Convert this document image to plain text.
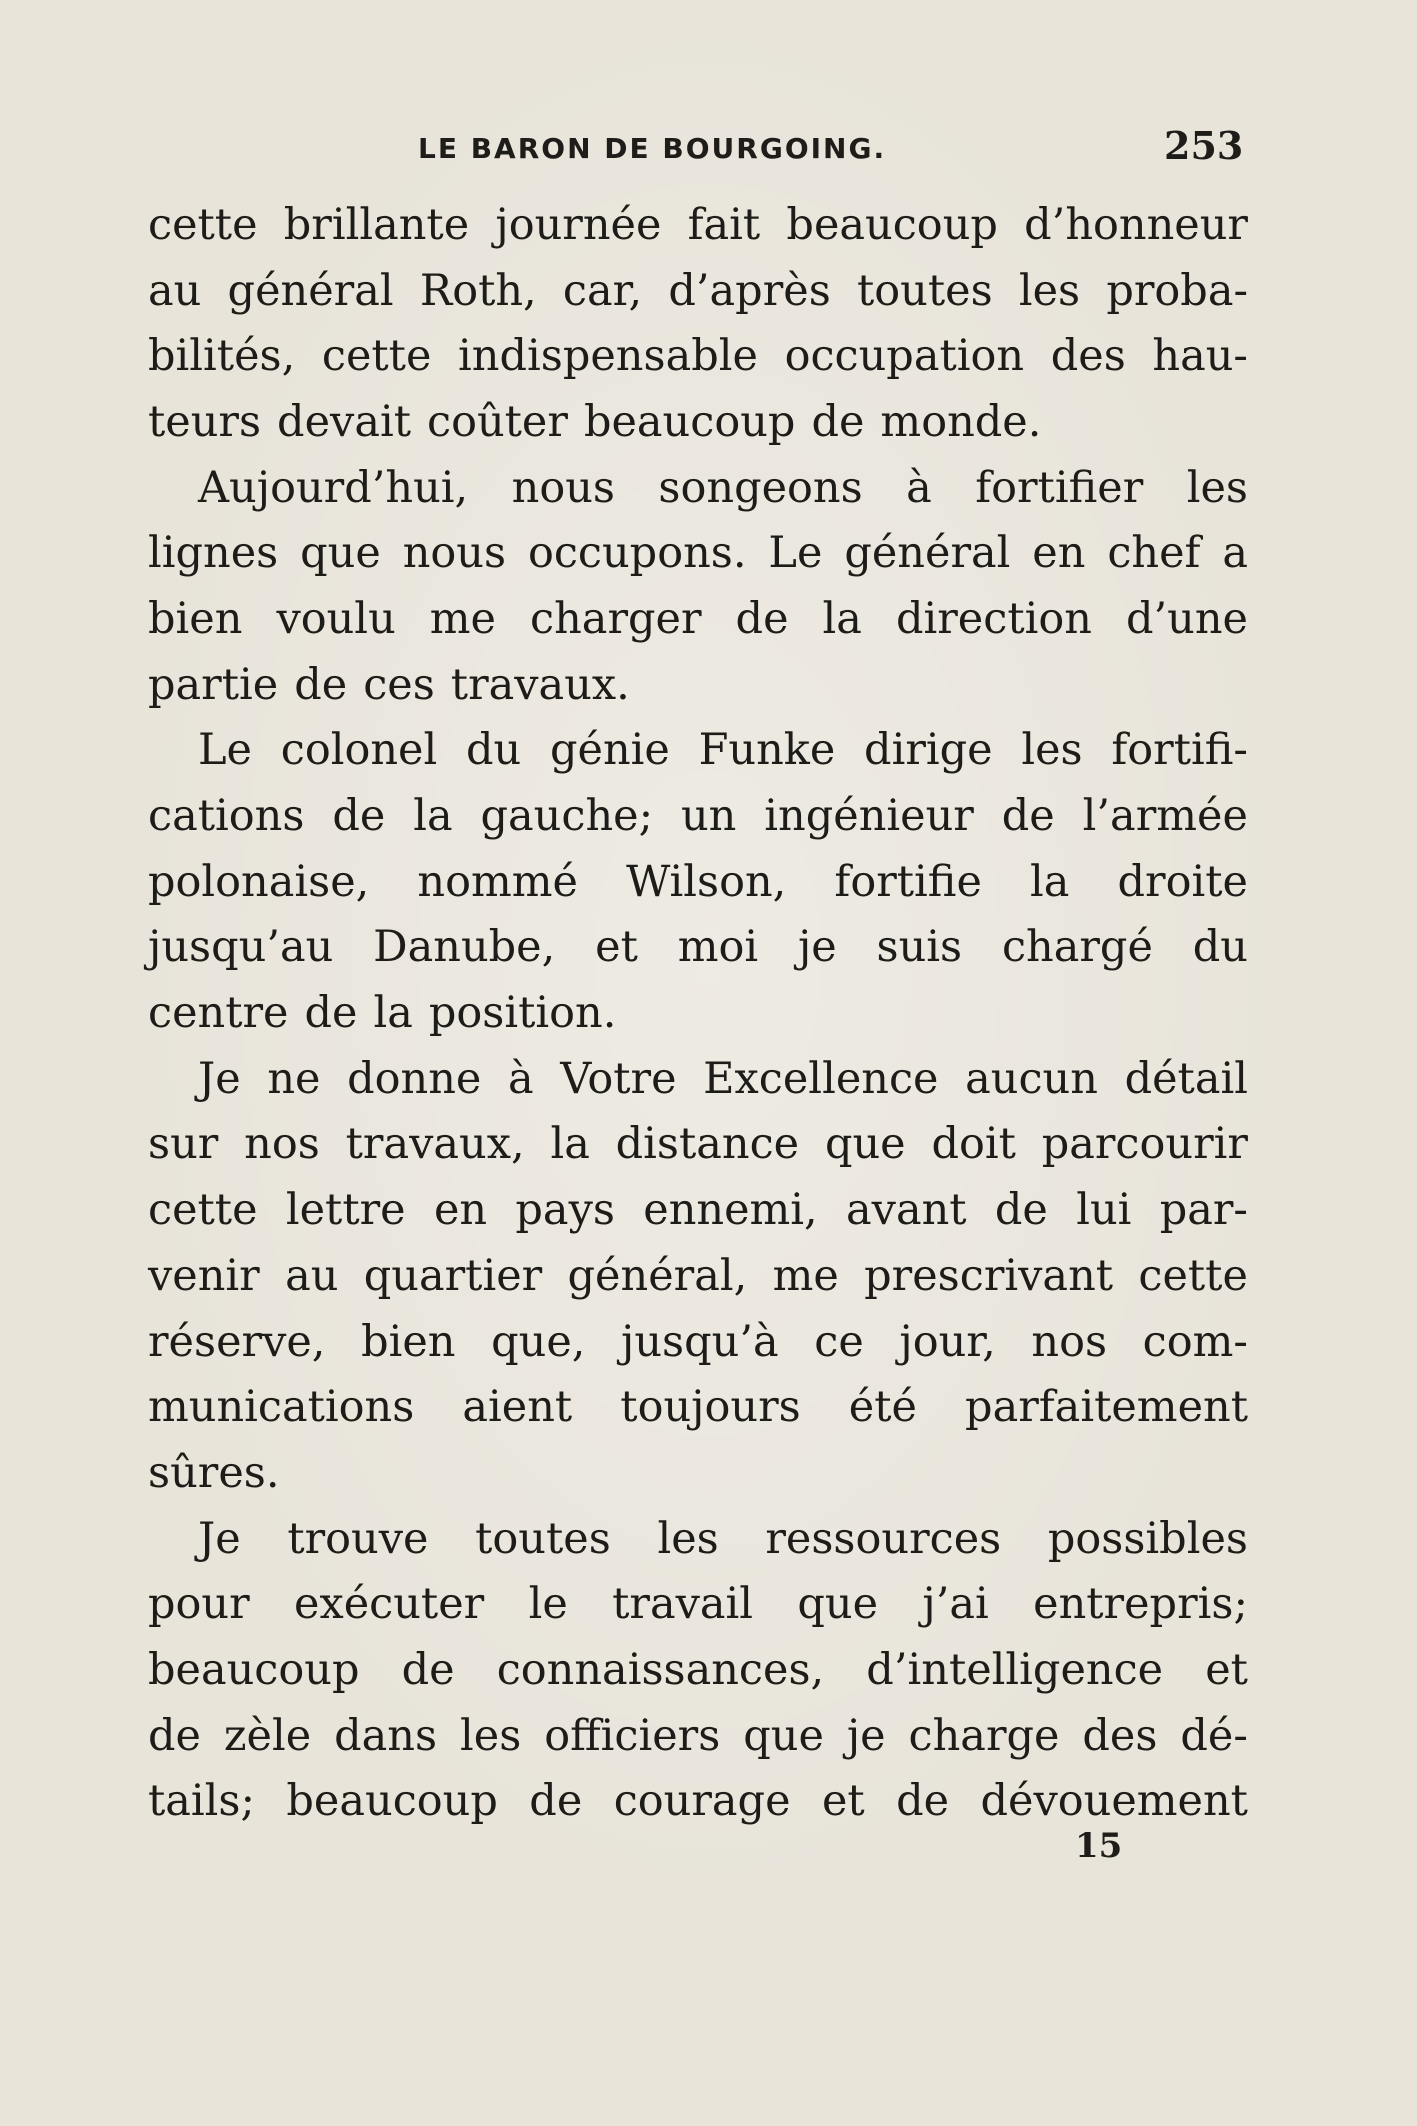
LE BARON DE BOURGOING.	253
cette brillante journée fait beaucoup d’honneur
au général Roth, car, d’après toutes les proba-
bilités, cette indispensable occupation des hau-
teurs devait coûter beaucoup de monde.
Aujourd’hui, nous songeons à fortifier les
lignes que nous occupons. Le général en chef a
bien voulu me charger de la direction d’une
partie de ces travaux.
Le colonel du génie Funke dirige les fortifi-
cations de la gauche; un ingénieur de l’armée
polonaise, nommé Wilson, fortifie la droite
jusqu’au Danube, et moi je suis chargé du
centre de la position.
Je ne donne à Votre Excellence aucun détail
sur nos travaux, la distance que doit parcourir
cette lettre en pays ennemi, avant de lui par-
venir au quartier général, me prescrivant cette
réserve, bien que, jusqu’à ce jour, nos com-
munications aient toujours été parfaitement
sûres.
Je trouve toutes les ressources possibles
pour exécuter le travail que j’ai entrepris;
beaucoup de connaissances, d’intelligence et
de zèle dans les officiers que je charge des dé-
tails; beaucoup de courage et de dévouement
15
